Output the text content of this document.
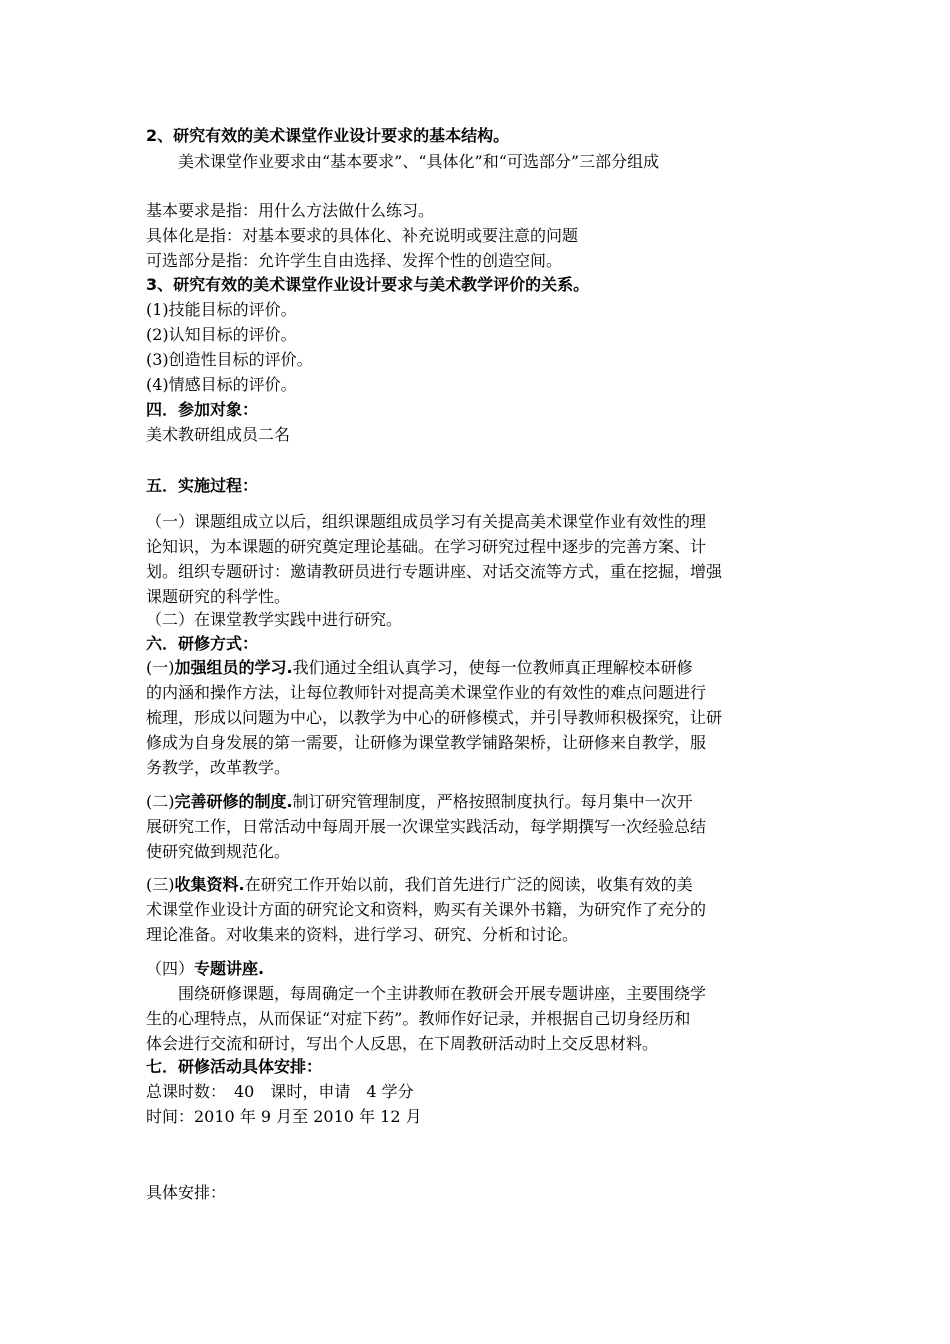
2、研究有效的美术课堂作业设计要求的基本结构。
美术课堂作业要求由“基本要求”、“具体化”和“可选部分”三部分组成
基本要求是指：用什么方法做什么练习。
具体化是指：对基本要求的具体化、补充说明或要注意的问题
可选部分是指：允许学生自由选择、发挥个性的创造空间。
3、研究有效的美术课堂作业设计要求与美术教学评价的关系。
(1)技能目标的评价。
(2)认知目标的评价。
(3)创造性目标的评价。
(4)情感目标的评价。
四．参加对象：
美术教研组成员二名
五．实施过程：
（一）课题组成立以后，组织课题组成员学习有关提高美术课堂作业有效性的理
论知识，为本课题的研究奠定理论基础。在学习研究过程中逐步的完善方案、计
划。组织专题研讨：邀请教研员进行专题讲座、对话交流等方式，重在挖掘，增强
课题研究的科学性。
（二）在课堂教学实践中进行研究。
六．研修方式：
(一)加强组员的学习.我们通过全组认真学习，使每一位教师真正理解校本研修
的内涵和操作方法，让每位教师针对提高美术课堂作业的有效性的难点问题进行
梳理，形成以问题为中心，以教学为中心的研修模式，并引导教师积极探究，让研
修成为自身发展的第一需要，让研修为课堂教学铺路架桥，让研修来自教学，服
务教学，改革教学。
(二)完善研修的制度.制订研究管理制度，严格按照制度执行。每月集中一次开
展研究工作，日常活动中每周开展一次课堂实践活动，每学期撰写一次经验总结
使研究做到规范化。
(三)收集资料.在研究工作开始以前，我们首先进行广泛的阅读，收集有效的美
术课堂作业设计方面的研究论文和资料，购买有关课外书籍，为研究作了充分的
理论准备。对收集来的资料，进行学习、研究、分析和讨论。
（四）专题讲座.
围绕研修课题，每周确定一个主讲教师在教研会开展专题讲座，主要围绕学
生的心理特点，从而保证“对症下药”。教师作好记录，并根据自己切身经历和
体会进行交流和研讨，写出个人反思，在下周教研活动时上交反思材料。
七．研修活动具体安排：
总课时数：　40　课时，申请　4 学分
时间：2010 年 9 月至 2010 年 12 月
具体安排：
